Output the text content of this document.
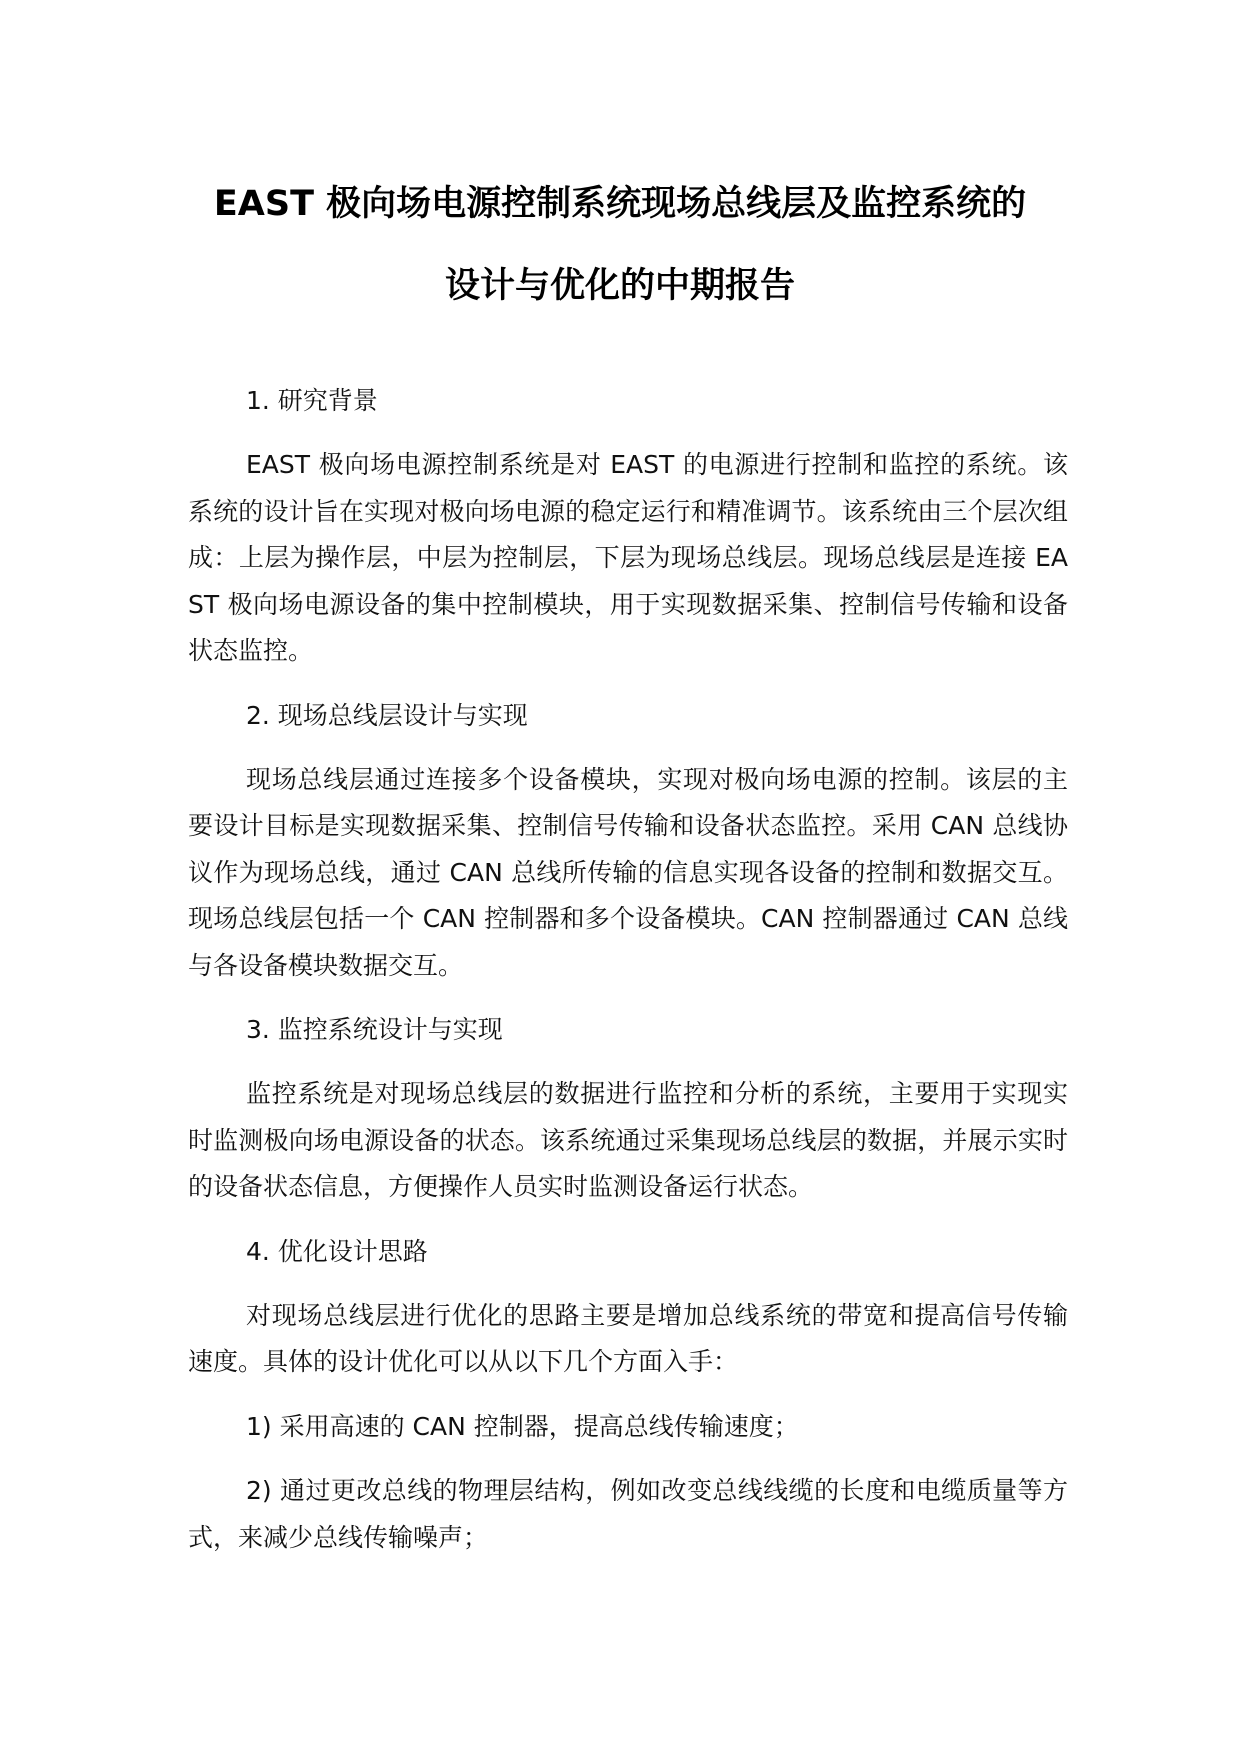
EAST 极向场电源控制系统现场总线层及监控系统的
设计与优化的中期报告

1. 研究背景

EAST 极向场电源控制系统是对 EAST 的电源进行控制和监控的系统。该系统的设计旨在实现对极向场电源的稳定运行和精准调节。该系统由三个层次组成：上层为操作层，中层为控制层，下层为现场总线层。现场总线层是连接 EAST 极向场电源设备的集中控制模块，用于实现数据采集、控制信号传输和设备状态监控。

2. 现场总线层设计与实现

现场总线层通过连接多个设备模块，实现对极向场电源的控制。该层的主要设计目标是实现数据采集、控制信号传输和设备状态监控。采用 CAN 总线协议作为现场总线，通过 CAN 总线所传输的信息实现各设备的控制和数据交互。现场总线层包括一个 CAN 控制器和多个设备模块。CAN 控制器通过 CAN 总线与各设备模块数据交互。

3. 监控系统设计与实现

监控系统是对现场总线层的数据进行监控和分析的系统，主要用于实现实时监测极向场电源设备的状态。该系统通过采集现场总线层的数据，并展示实时的设备状态信息，方便操作人员实时监测设备运行状态。

4. 优化设计思路

对现场总线层进行优化的思路主要是增加总线系统的带宽和提高信号传输速度。具体的设计优化可以从以下几个方面入手：

1) 采用高速的 CAN 控制器，提高总线传输速度；

2) 通过更改总线的物理层结构，例如改变总线线缆的长度和电缆质量等方式，来减少总线传输噪声；
